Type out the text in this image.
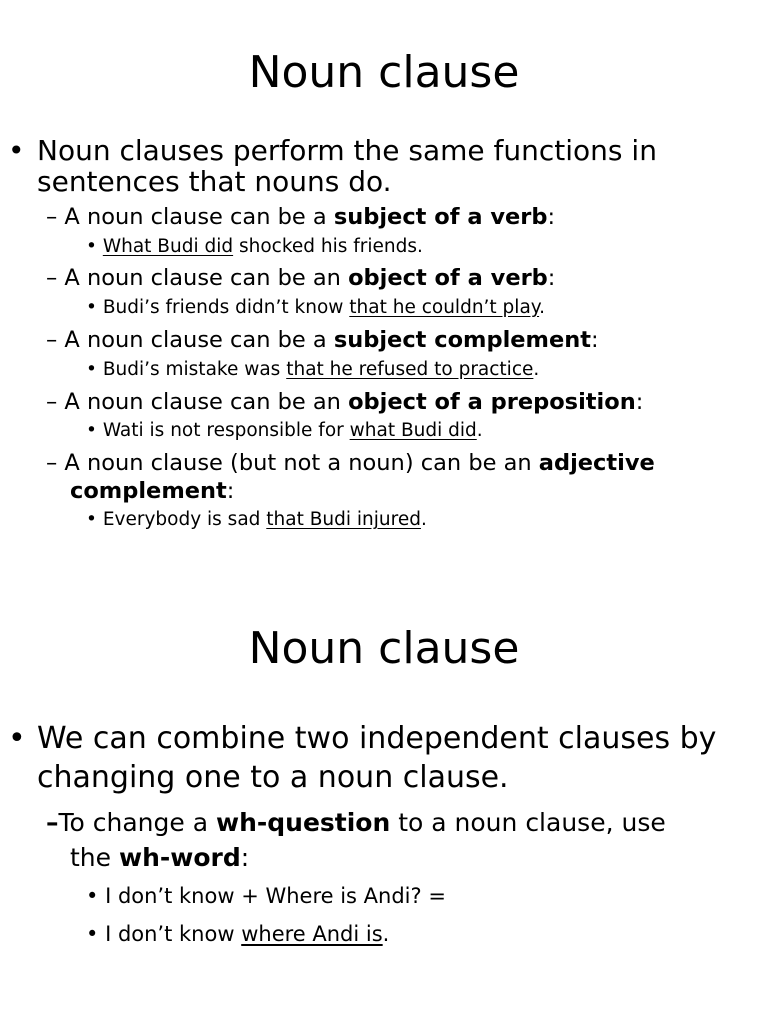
Noun clause
• Noun clauses perform the same functions in
sentences that nouns do.
– A noun clause can be a subject of a verb:
• What Budi did shocked his friends.
– A noun clause can be an object of a verb:
• Budi’s friends didn’t know that he couldn’t play.
– A noun clause can be a subject complement:
• Budi’s mistake was that he refused to practice.
– A noun clause can be an object of a preposition:
• Wati is not responsible for what Budi did.
– A noun clause (but not a noun) can be an adjective
complement:
• Everybody is sad that Budi injured.
Noun clause
• We can combine two independent clauses by
changing one to a noun clause.
–To change a wh-question to a noun clause, use
the wh-word:
• I don’t know + Where is Andi? =
• I don’t know where Andi is.
